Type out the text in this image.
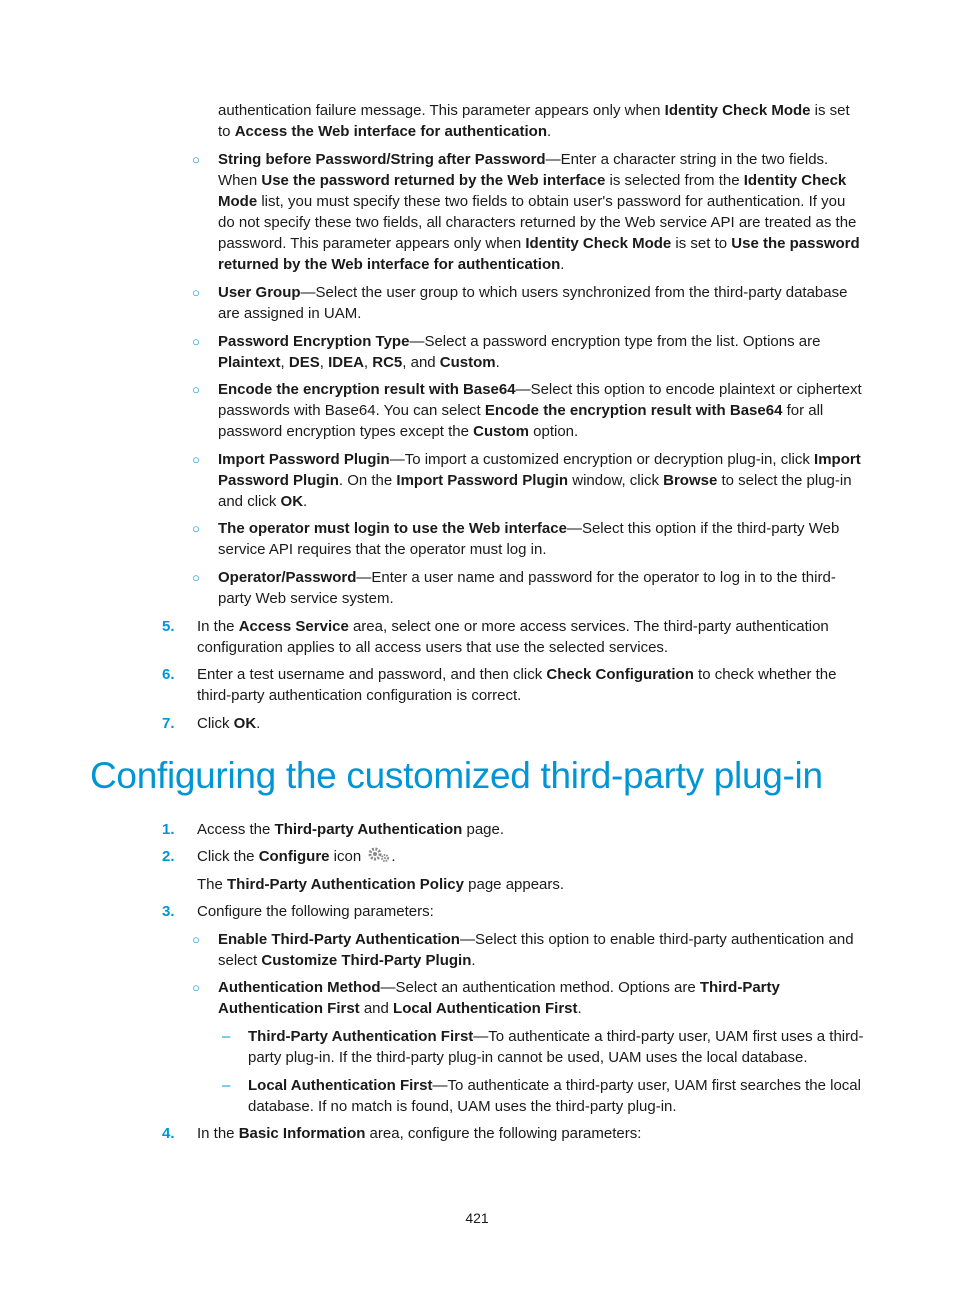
authentication failure message. This parameter appears only when Identity Check Mode is set to Access the Web interface for authentication.
○ String before Password/String after Password—Enter a character string in the two fields. When Use the password returned by the Web interface is selected from the Identity Check Mode list, you must specify these two fields to obtain user's password for authentication. If you do not specify these two fields, all characters returned by the Web service API are treated as the password. This parameter appears only when Identity Check Mode is set to Use the password returned by the Web interface for authentication.
○ User Group—Select the user group to which users synchronized from the third-party database are assigned in UAM.
○ Password Encryption Type—Select a password encryption type from the list. Options are Plaintext, DES, IDEA, RC5, and Custom.
○ Encode the encryption result with Base64—Select this option to encode plaintext or ciphertext passwords with Base64. You can select Encode the encryption result with Base64 for all password encryption types except the Custom option.
○ Import Password Plugin—To import a customized encryption or decryption plug-in, click Import Password Plugin. On the Import Password Plugin window, click Browse to select the plug-in and click OK.
○ The operator must login to use the Web interface—Select this option if the third-party Web service API requires that the operator must log in.
○ Operator/Password—Enter a user name and password for the operator to log in to the third-party Web service system.
5. In the Access Service area, select one or more access services. The third-party authentication configuration applies to all access users that use the selected services.
6. Enter a test username and password, and then click Check Configuration to check whether the third-party authentication configuration is correct.
7. Click OK.
Configuring the customized third-party plug-in
1. Access the Third-party Authentication page.
2. Click the Configure icon .
The Third-Party Authentication Policy page appears.
3. Configure the following parameters:
○ Enable Third-Party Authentication—Select this option to enable third-party authentication and select Customize Third-Party Plugin.
○ Authentication Method—Select an authentication method. Options are Third-Party Authentication First and Local Authentication First.
– Third-Party Authentication First—To authenticate a third-party user, UAM first uses a third-party plug-in. If the third-party plug-in cannot be used, UAM uses the local database.
– Local Authentication First—To authenticate a third-party user, UAM first searches the local database. If no match is found, UAM uses the third-party plug-in.
4. In the Basic Information area, configure the following parameters:
421
